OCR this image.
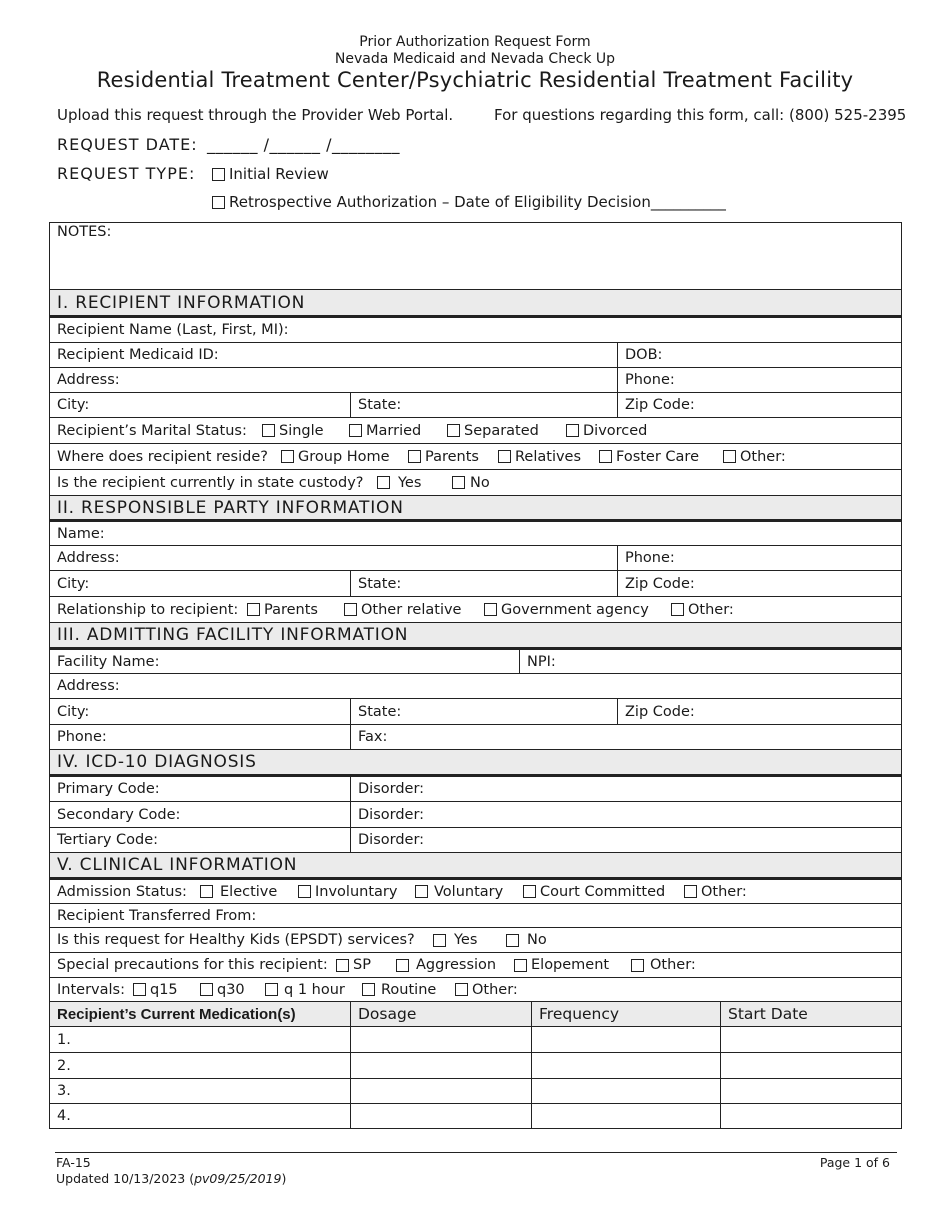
Prior Authorization Request Form
Nevada Medicaid and Nevada Check Up
Residential Treatment Center/Psychiatric Residential Treatment Facility
Upload this request through the Provider Web Portal.	For questions regarding this form, call: (800) 525-2395
REQUEST DATE: ______ /______ /________
REQUEST TYPE:	Initial Review
Retrospective Authorization – Date of Eligibility Decision__________
NOTES:
I. RECIPIENT INFORMATION
Recipient Name (Last, First, MI):
Recipient Medicaid ID:	DOB:
Address:	Phone:
City:	State:	Zip Code:
Recipient’s Marital Status: Single	Married	Separated	Divorced
Where does recipient reside? Group Home Parents Relatives Foster Care	Other:
Is the recipient currently in state custody? Yes	No
II. RESPONSIBLE PARTY INFORMATION
Name:
Address:	Phone:
City:	State:	Zip Code:
Relationship to recipient: Parents	Other relative	Government agency	Other:
III. ADMITTING FACILITY INFORMATION
Facility Name:	NPI:
Address:
City:	State:	Zip Code:
Phone:	Fax:
IV. ICD-10 DIAGNOSIS
Primary Code:	Disorder:
Secondary Code:	Disorder:
Tertiary Code:	Disorder:
V. CLINICAL INFORMATION
Admission Status: Elective	Involuntary	Voluntary	Court Committed Other:
Recipient Transferred From:
Is this request for Healthy Kids (EPSDT) services?	Yes	No
Special precautions for this recipient: SP	Aggression Elopement	Other:
Intervals: q15	q30	q 1 hour Routine Other:
Recipient’s Current Medication(s)	Dosage	Frequency	Start Date
1.
2.
3.
4.
FA-15
Updated 10/13/2023 (pv09/25/2019)
Page 1 of 6
